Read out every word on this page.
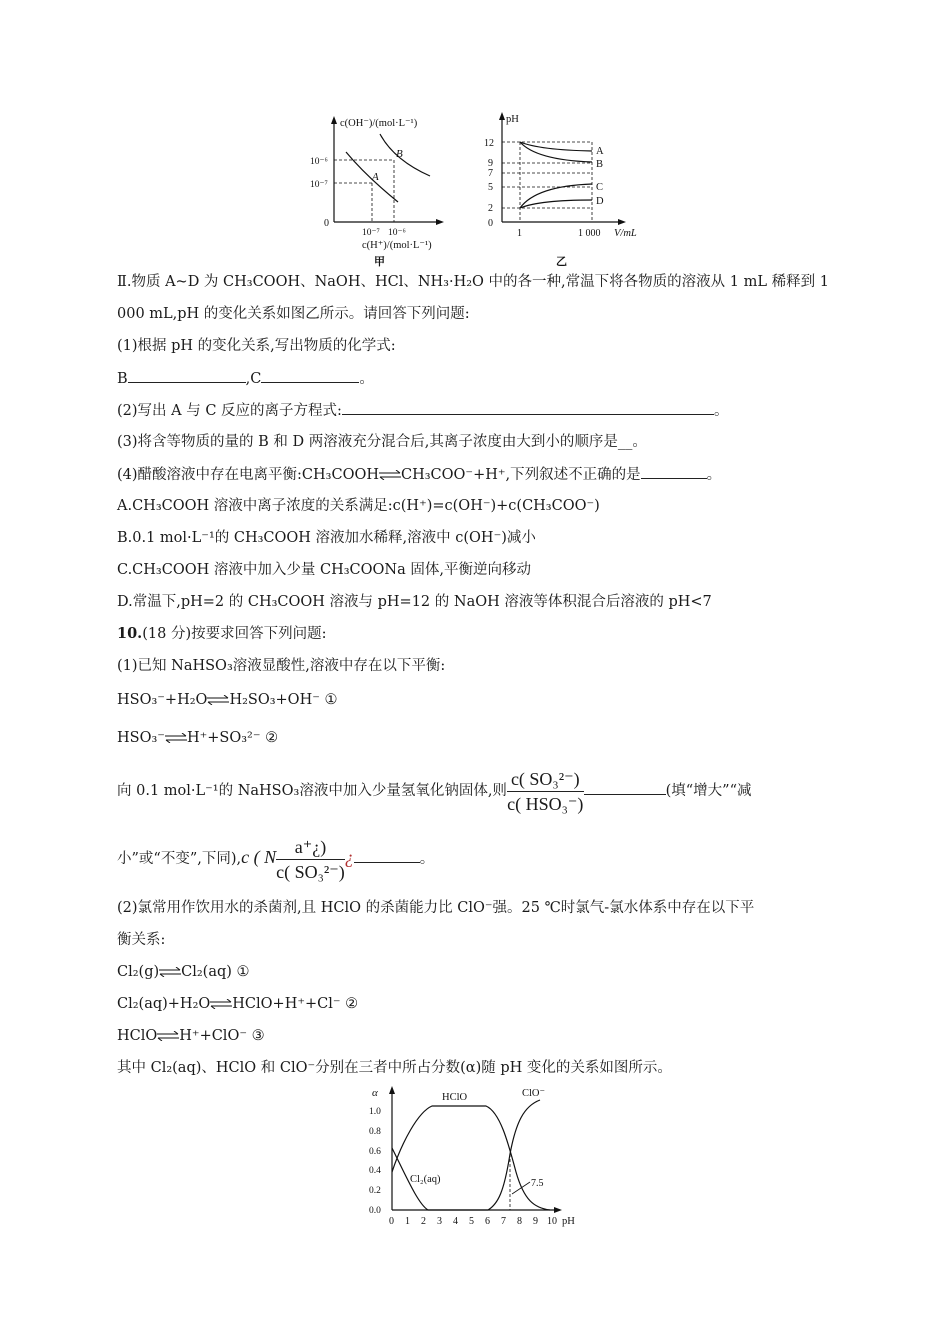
c(OH⁻)/(mol·L⁻¹)
10⁻⁶
10⁻⁷
0
A
B
10⁻⁷ 10⁻⁶
c(H⁺)/(mol·L⁻¹)
甲
pH
12
9
7
5
2
0
A
B
C
D
1	1 000 V/mL
乙
Ⅱ.物质 A~D 为 CH₃COOH、NaOH、HCl、NH₃·H₂O 中的各一种,常温下将各物质的溶液从 1 mL 稀释到 1
000 mL,pH 的变化关系如图乙所示。请回答下列问题:
(1)根据 pH 的变化关系,写出物质的化学式:
B	,C	。
(2)写出 A 与 C 反应的离子方程式:	。
(3)将含等物质的量的 B 和 D 两溶液充分混合后,其离子浓度由大到小的顺序是__。
(4)醋酸溶液中存在电离平衡:CH₃COOH⇌CH₃COO⁻+H⁺,下列叙述不正确的是	。
A.CH₃COOH 溶液中离子浓度的关系满足:c(H⁺)=c(OH⁻)+c(CH₃COO⁻)
B.0.1 mol·L⁻¹的 CH₃COOH 溶液加水稀释,溶液中 c(OH⁻)减小
C.CH₃COOH 溶液中加入少量 CH₃COONa 固体,平衡逆向移动
D.常温下,pH=2 的 CH₃COOH 溶液与 pH=12 的 NaOH 溶液等体积混合后溶液的 pH<7
10.(18 分)按要求回答下列问题:
(1)已知 NaHSO₃溶液显酸性,溶液中存在以下平衡:
HSO₃⁻+H₂O⇌H₂SO₃+OH⁻ ①
HSO₃⁻⇌H⁺+SO₃²⁻ ②
向 0.1 mol·L⁻¹的 NaHSO₃溶液中加入少量氢氧化钠固体,则 $\frac{\text{c( SO₃²⁻)}}{\text{c( HSO₃⁻)}}$	(填“增大”“减
小”或“不变”,下同),c ( N $\frac{a^+¿)}{\text{c( SO₃²⁻)}}$ ¿	。
(2)氯常用作饮用水的杀菌剂,且 HClO 的杀菌能力比 ClO⁻强。25 ℃时氯气-氯水体系中存在以下平
衡关系:
Cl₂(g)⇌Cl₂(aq) ①
Cl₂(aq)+H₂O⇌HClO+H⁺+Cl⁻ ②
HClO⇌H⁺+ClO⁻ ③
其中 Cl₂(aq)、HClO 和 ClO⁻分别在三者中所占分数(α)随 pH 变化的关系如图所示。
α
1.0
0.8
0.6
0.4
0.2
0.0
0 1 2 3 4 5 6 7 8 9 10 pH
HClO	ClO⁻
Cl₂(aq)	7.5
